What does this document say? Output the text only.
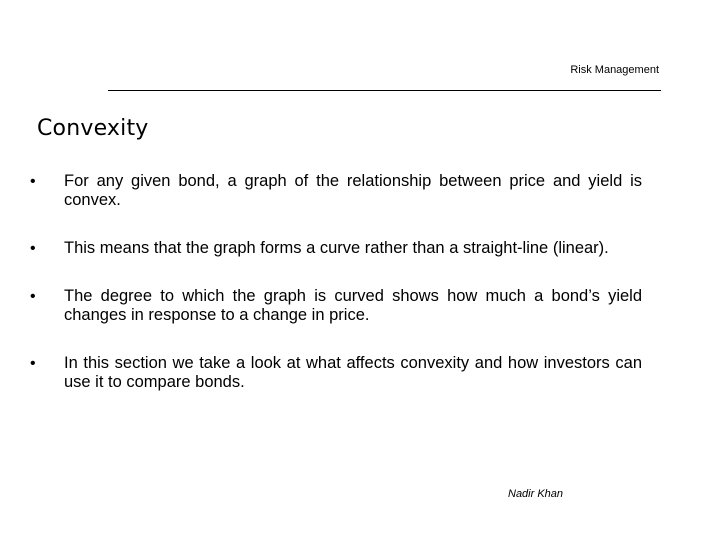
Risk Management
Convexity
•	For any given bond, a graph of the relationship between price and yield is convex.
•	This means that the graph forms a curve rather than a straight-line (linear).
•	The degree to which the graph is curved shows how much a bond’s yield changes in response to a change in price.
•	In this section we take a look at what affects convexity and how investors can use it to compare bonds.
Nadir Khan
